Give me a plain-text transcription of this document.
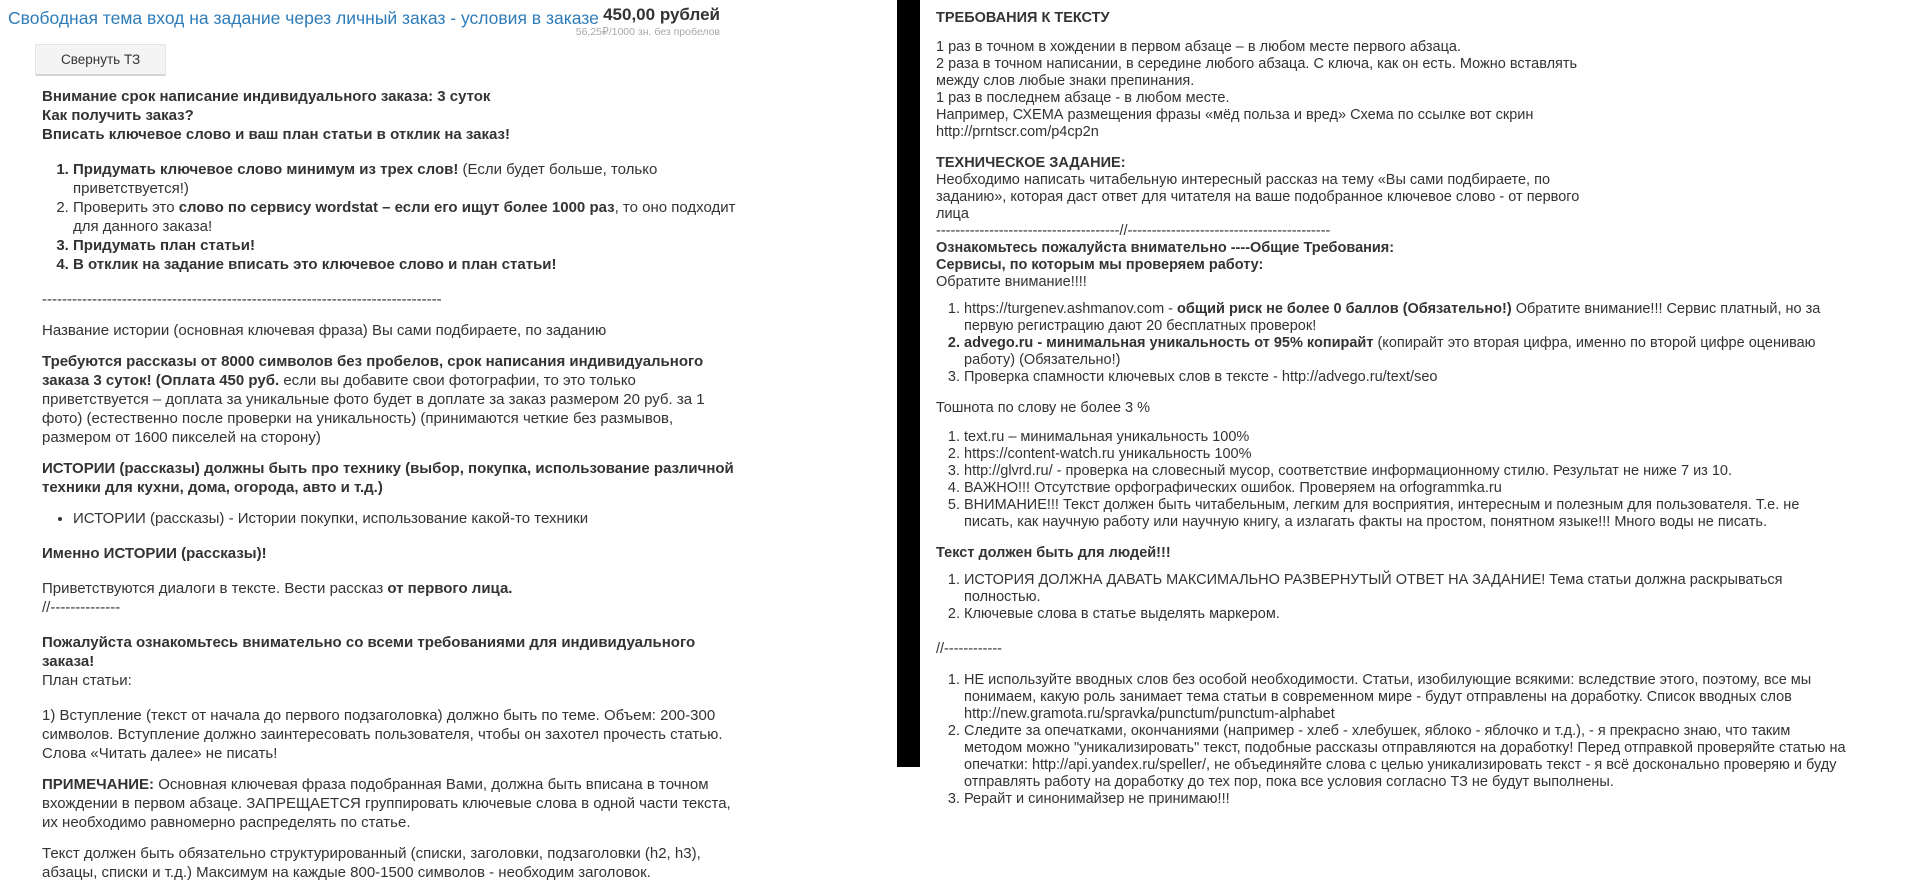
Свободная тема вход на задание через личный заказ - условия в заказе 450,00 рублей
56,25₽/1000 зн. без пробелов
Свернуть ТЗ

Внимание срок написание индивидуального заказа: 3 суток
Как получить заказ?
Вписать ключевое слово и ваш план статьи в отклик на заказ!

1. Придумать ключевое слово минимум из трех слов! (Если будет больше, только приветствуется!)
2. Проверить это слово по сервису wordstat – если его ищут более 1000 раз, то оно подходит для данного заказа!
3. Придумать план статьи!
4. В отклик на задание вписать это ключевое слово и план статьи!

--------------------------------------------------------------------------------

Название истории (основная ключевая фраза) Вы сами подбираете, по заданию

Требуются рассказы от 8000 символов без пробелов, срок написания индивидуального заказа 3 суток! (Оплата 450 руб. если вы добавите свои фотографии, то это только приветствуется – доплата за уникальные фото будет в доплате за заказ размером 20 руб. за 1 фото) (естественно после проверки на уникальность) (принимаются четкие без размывов, размером от 1600 пикселей на сторону)

ИСТОРИИ (рассказы) должны быть про технику (выбор, покупка, использование различной техники для кухни, дома, огорода, авто и т.д.)

• ИСТОРИИ (рассказы) - Истории покупки, использование какой-то техники

Именно ИСТОРИИ (рассказы)!

Приветствуются диалоги в тексте. Вести рассказ от первого лица.
//--------------

Пожалуйста ознакомьтесь внимательно со всеми требованиями для индивидуального заказа!
План статьи:

1) Вступление (текст от начала до первого подзаголовка) должно быть по теме. Объем: 200-300 символов. Вступление должно заинтересовать пользователя, чтобы он захотел прочесть статью. Слова «Читать далее» не писать!

ПРИМЕЧАНИЕ: Основная ключевая фраза подобранная Вами, должна быть вписана в точном вхождении в первом абзаце. ЗАПРЕЩАЕТСЯ группировать ключевые слова в одной части текста, их необходимо равномерно распределять по статье.

Текст должен быть обязательно структурированный (списки, заголовки, подзаголовки (h2, h3), абзацы, списки и т.д.) Максимум на каждые 800-1500 символов - необходим заголовок.

ТРЕБОВАНИЯ К ТЕКСТУ

1 раз в точном в хождении в первом абзаце – в любом месте первого абзаца.
2 раза в точном написании, в середине любого абзаца. С ключа, как он есть. Можно вставлять
между слов любые знаки препинания.
1 раз в последнем абзаце - в любом месте.
Например, СХЕМА размещения фразы «мёд польза и вред» Схема по ссылке вот скрин
http://prntscr.com/p4cp2n

ТЕХНИЧЕСКОЕ ЗАДАНИЕ:

Необходимо написать читабельную интересный рассказ на тему «Вы сами подбираете, по
заданию», которая даст ответ для читателя на ваше подобранное ключевое слово - от первого
лица

--------------------------------------//------------------------------------------
Ознакомьтесь пожалуйста внимательно ----Общие Требования:
Сервисы, по которым мы проверяем работу:
Обратите внимание!!!!
1. https://turgenev.ashmanov.com - общий риск не более 0 баллов (Обязательно!) Обратите внимание!!! Сервис платный, но за первую регистрацию дают 20 бесплатных проверок!
2. advego.ru - минимальная уникальность от 95% копирайт (копирайт это вторая цифра, именно по второй цифре оцениваю работу) (Обязательно!)
3. Проверка спамности ключевых слов в тексте - http://advego.ru/text/seo
Тошнота по слову не более 3 %
1. text.ru – минимальная уникальность 100%
2. https://content-watch.ru уникальность 100%
3. http://glvrd.ru/ - проверка на словесный мусор, соответствие информационному стилю. Результат не ниже 7 из 10.
4. ВАЖНО!!! Отсутствие орфографических ошибок. Проверяем на orfogrammka.ru
5. ВНИМАНИЕ!!! Текст должен быть читабельным, легким для восприятия, интересным и полезным для пользователя. Т.е. не писать, как научную работу или научную книгу, а излагать факты на простом, понятном языке!!! Много воды не писать.
Текст должен быть для людей!!!
1. ИСТОРИЯ ДОЛЖНА ДАВАТЬ МАКСИМАЛЬНО РАЗВЕРНУТЫЙ ОТВЕТ НА ЗАДАНИЕ! Тема статьи должна раскрываться полностью.
2. Ключевые слова в статье выделять маркером.
//------------
1. НЕ используйте вводных слов без особой необходимости. Статьи, изобилующие всякими: вследствие этого, поэтому, все мы понимаем, какую роль занимает тема статьи в современном мире - будут отправлены на доработку. Список вводных слов http://new.gramota.ru/spravka/punctum/punctum-alphabet
2. Следите за опечатками, окончаниями (например - хлеб - хлебушек, яблоко - яблочко и т.д.), - я прекрасно знаю, что таким методом можно "уникализировать" текст, подобные рассказы отправляются на доработку! Перед отправкой проверяйте статью на опечатки: http://api.yandex.ru/speller/, не объединяйте слова с целью уникализировать текст - я всё досконально проверяю и буду отправлять работу на доработку до тех пор, пока все условия согласно ТЗ не будут выполнены.
3. Рерайт и синонимайзер не принимаю!!!
